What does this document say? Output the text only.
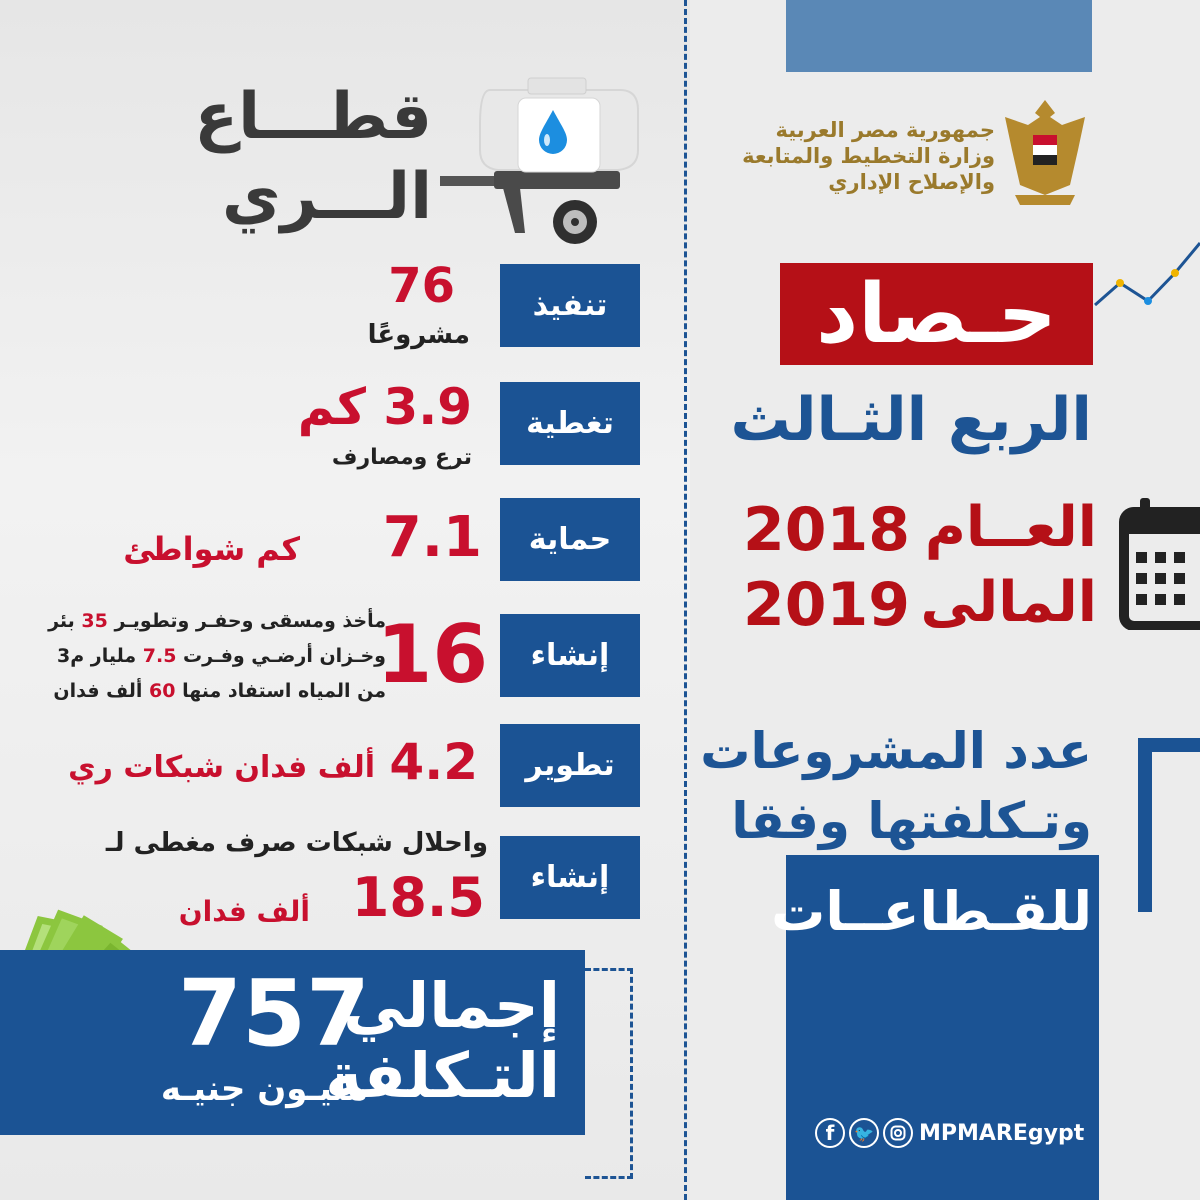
قطـــاع
الـــري
تنفيذ
76
مشروعًا
تغطية
3.9 كم
ترع ومصارف
حماية
7.1
كم شواطئ
إنشاء
16
مأخذ ومسقى وحفـر وتطويـر 35 بئر
وخـزان أرضـي وفـرت 7.5 مليار م3
من المياه استفاد منها 60 ألف فدان
تطوير
4.2
ألف فدان شبكات ري
إنشاء
واحلال شبكات صرف مغطى لـ
18.5
ألف فدان
إجمالي
التـكلفة
757
مليـون جنيـه
جمهورية مصر العربية
وزارة التخطيط والمتابعة
والإصلاح الإداري
حـصاد
الربع الثـالث
2018 العــام
2019 المالى
عدد المشروعات
وتـكلفتها وفقا
للقـطاعــات
f	🐦 MPMAREgypt
